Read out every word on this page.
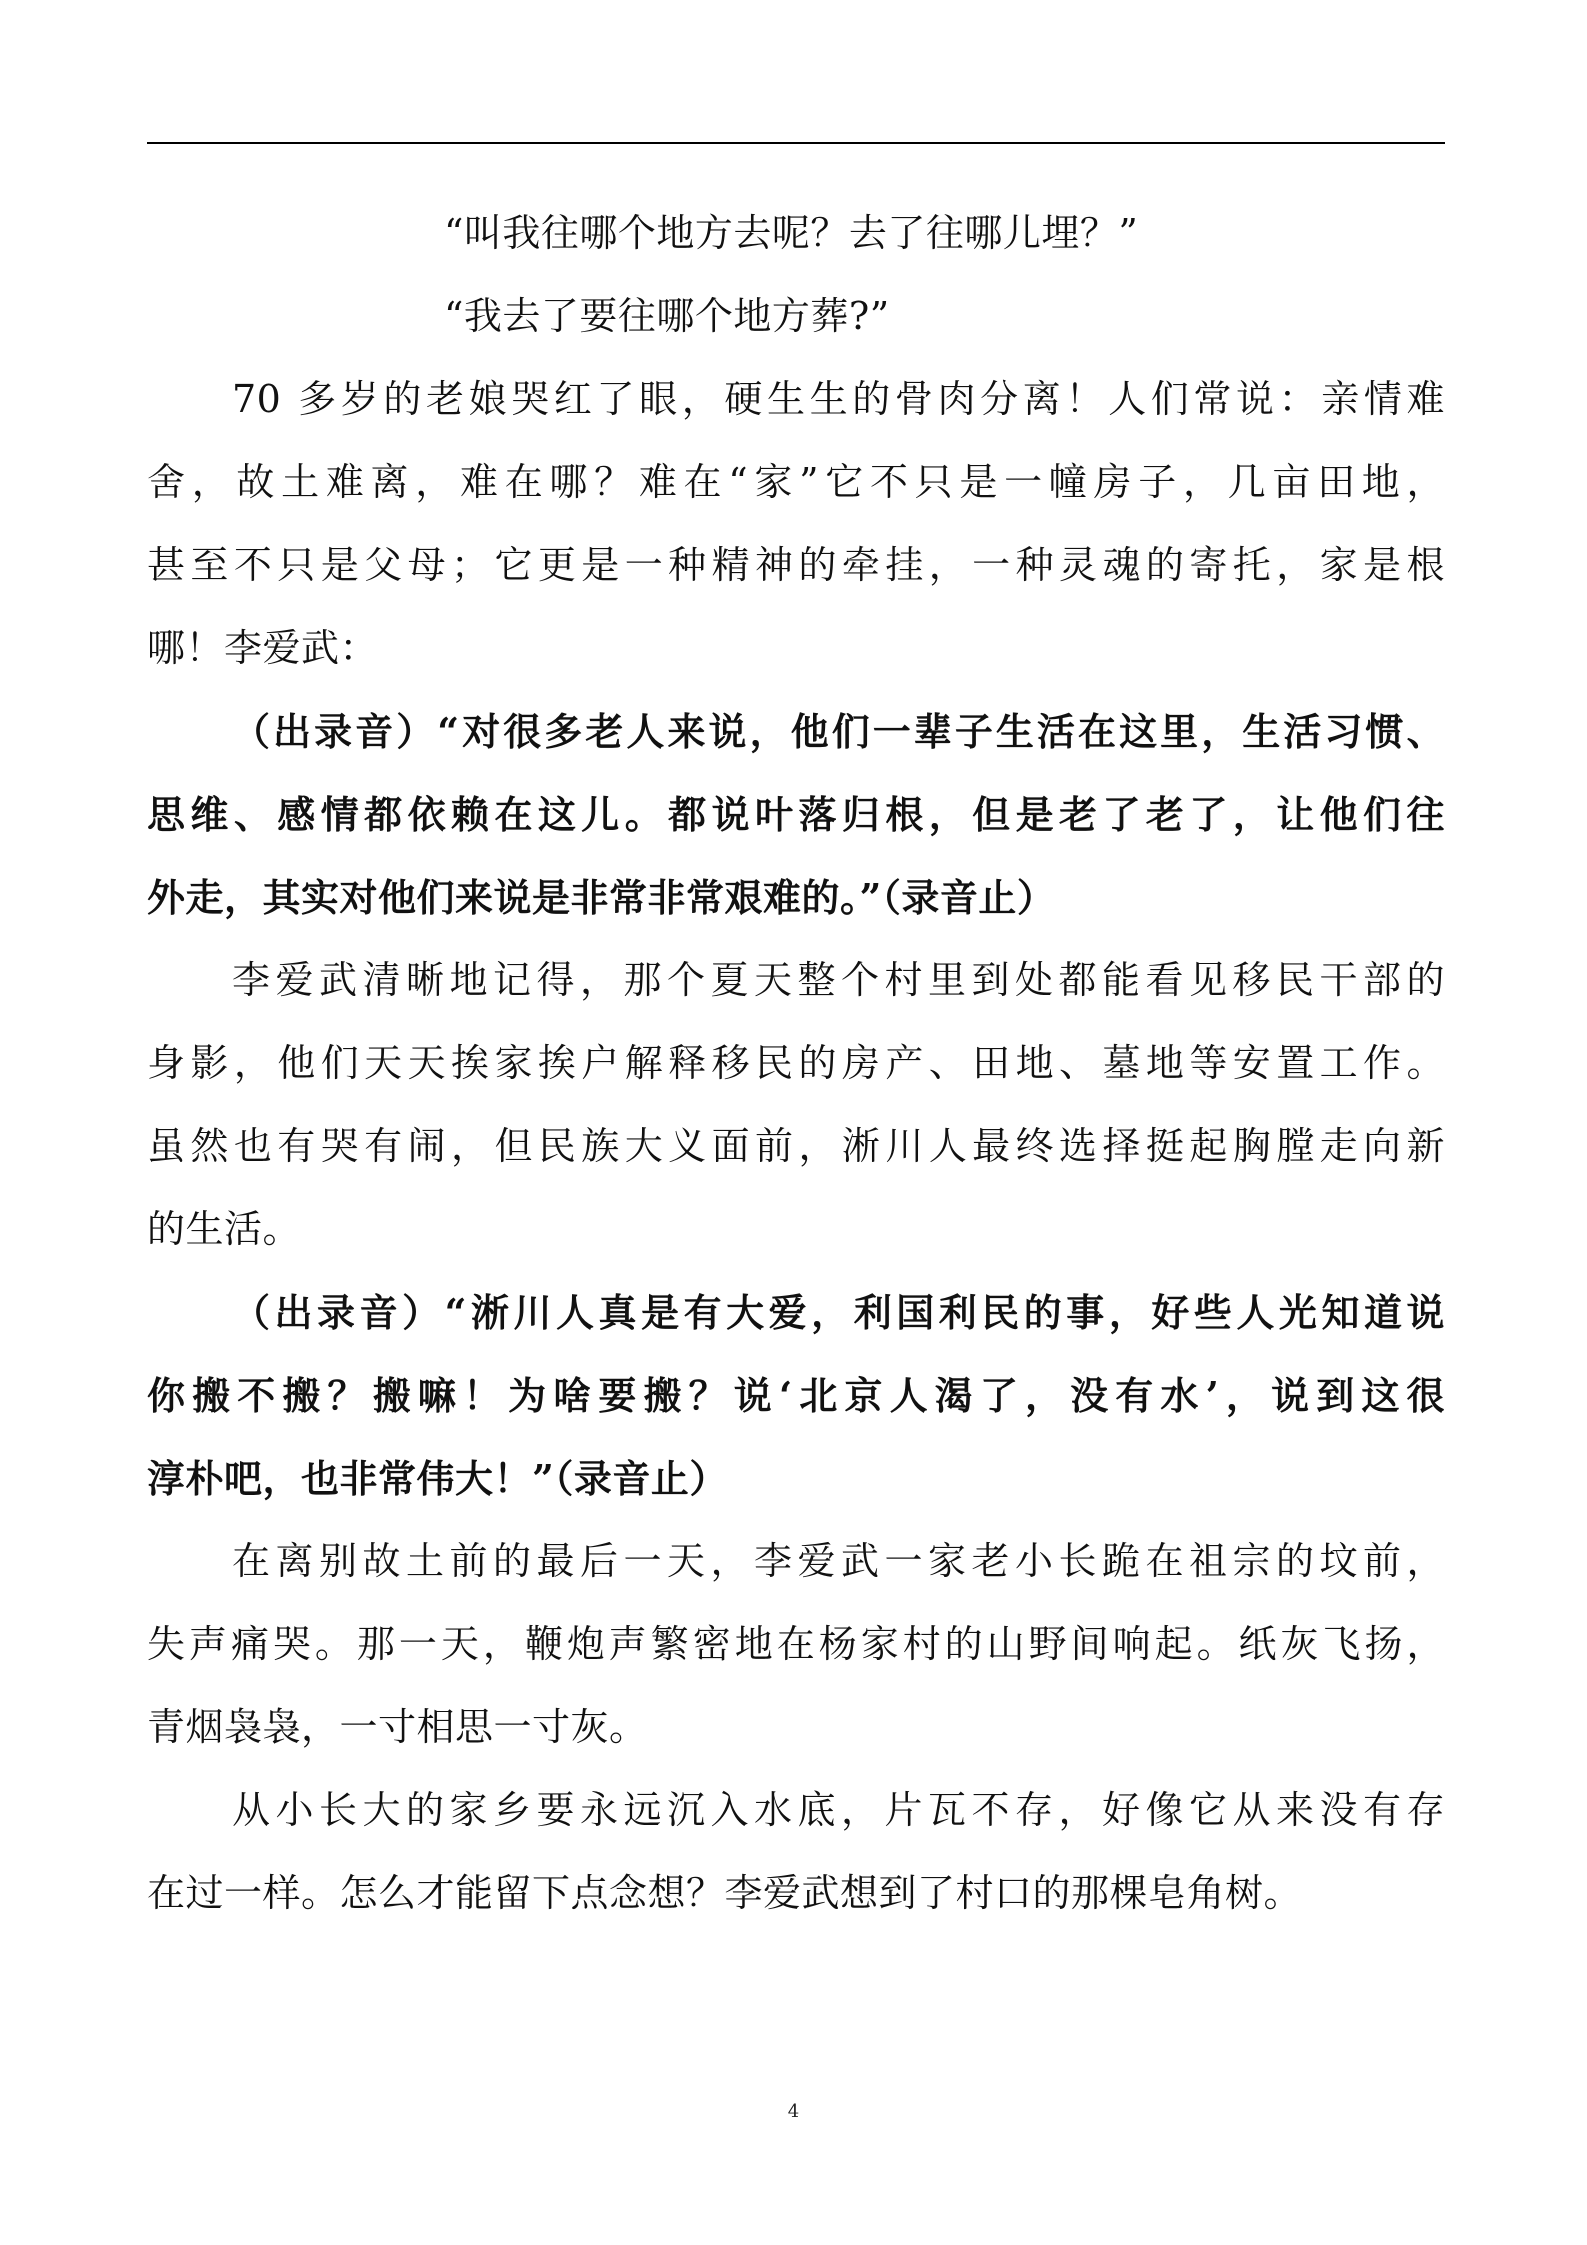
“叫我往哪个地方去呢？去了往哪儿埋？”
“我去了要往哪个地方葬?”
70 多岁的老娘哭红了眼，硬生生的骨肉分离！人们常说：亲情难
舍，故土难离，难在哪？难在“家”它不只是一幢房子，几亩田地，
甚至不只是父母；它更是一种精神的牵挂，一种灵魂的寄托，家是根
哪！李爱武：
（出录音）“对很多老人来说，他们一辈子生活在这里，生活习惯、
思维、感情都依赖在这儿。都说叶落归根，但是老了老了，让他们往
外走，其实对他们来说是非常非常艰难的。”（录音止）
李爱武清晰地记得，那个夏天整个村里到处都能看见移民干部的
身影，他们天天挨家挨户解释移民的房产、田地、墓地等安置工作。
虽然也有哭有闹，但民族大义面前，淅川人最终选择挺起胸膛走向新
的生活。
（出录音）“淅川人真是有大爱，利国利民的事，好些人光知道说
你搬不搬？搬嘛！为啥要搬？说‘北京人渴了，没有水’，说到这很
淳朴吧，也非常伟大！”（录音止）
在离别故土前的最后一天，李爱武一家老小长跪在祖宗的坟前，
失声痛哭。那一天，鞭炮声繁密地在杨家村的山野间响起。纸灰飞扬，
青烟袅袅，一寸相思一寸灰。
从小长大的家乡要永远沉入水底，片瓦不存，好像它从来没有存
在过一样。怎么才能留下点念想？李爱武想到了村口的那棵皂角树。
4
